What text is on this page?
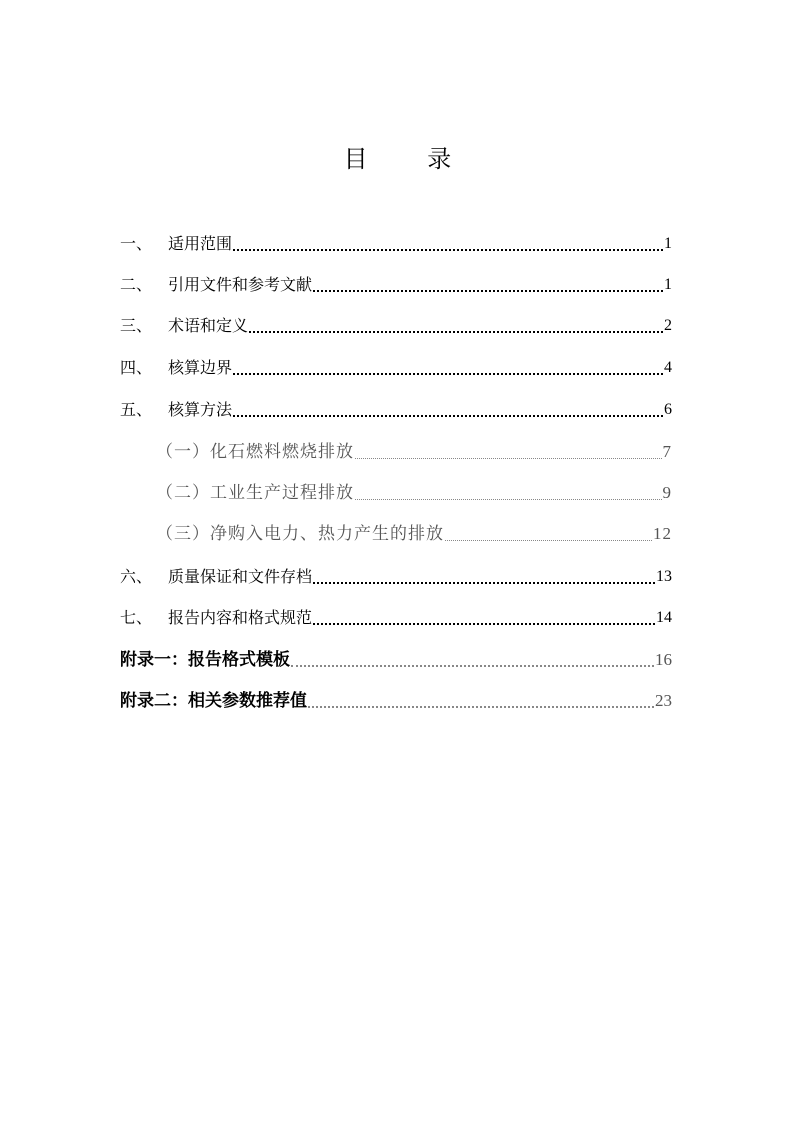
目 录
一、 适用范围	1
二、 引用文件和参考文献	1
三、 术语和定义	2
四、 核算边界	4
五、 核算方法	6
（一） 化石燃料燃烧排放	7
（二） 工业生产过程排放	9
（三） 净购入电力、热力产生的排放	12
六、 质量保证和文件存档	13
七、 报告内容和格式规范	14
附录一： 报告格式模板	16
附录二： 相关参数推荐值	23
